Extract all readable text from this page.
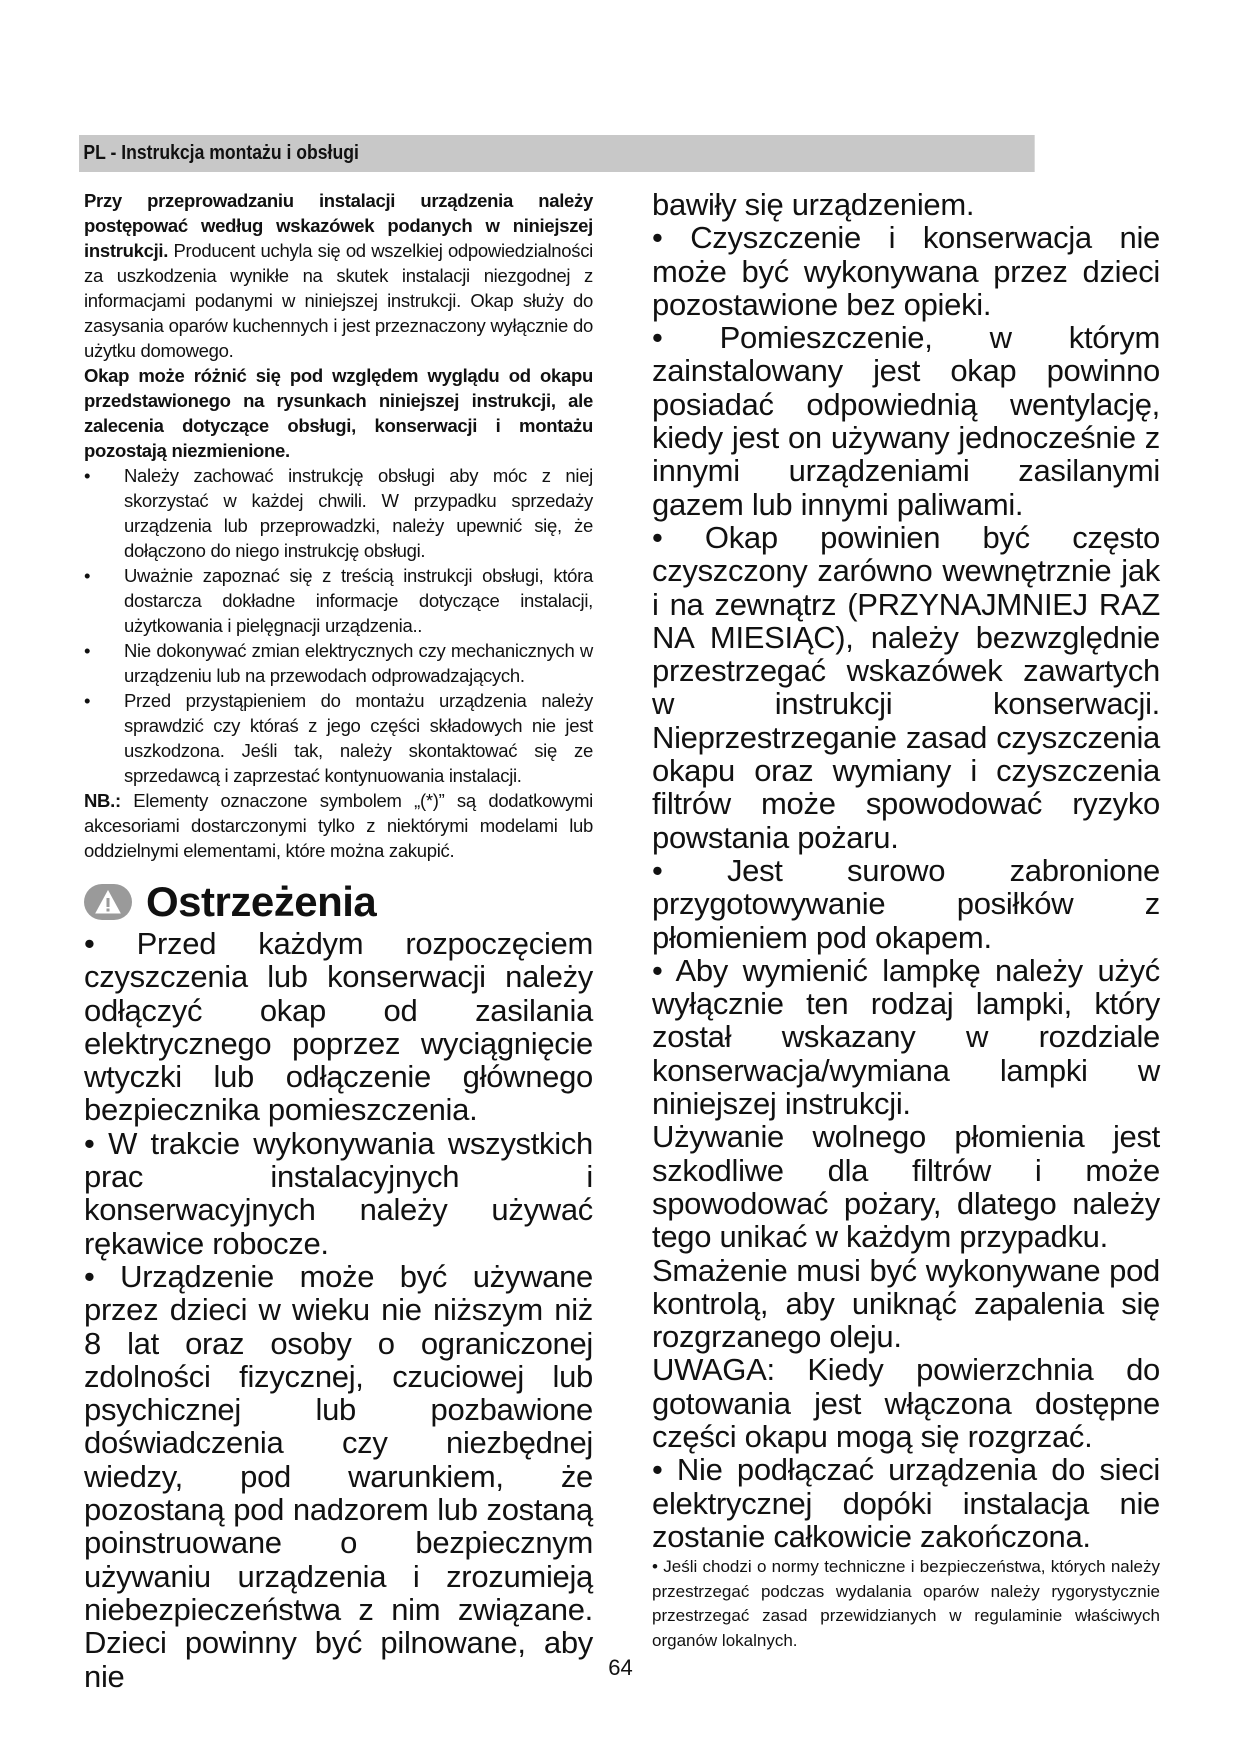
PL - Instrukcja montażu i obsługi

Przy przeprowadzaniu instalacji urządzenia należy postępować według wskazówek podanych w niniejszej instrukcji. Producent uchyla się od wszelkiej odpowiedzialności za uszkodzenia wynikłe na skutek instalacji niezgodnej z informacjami podanymi w niniejszej instrukcji. Okap służy do zasysania oparów kuchennych i jest przeznaczony wyłącznie do użytku domowego.

Okap może różnić się pod względem wyglądu od okapu przedstawionego na rysunkach niniejszej instrukcji, ale zalecenia dotyczące obsługi, konserwacji i montażu pozostają niezmienione.

• Należy zachować instrukcję obsługi aby móc z niej skorzystać w każdej chwili. W przypadku sprzedaży urządzenia lub przeprowadzki, należy upewnić się, że dołączono do niego instrukcję obsługi.
• Uważnie zapoznać się z treścią instrukcji obsługi, która dostarcza dokładne informacje dotyczące instalacji, użytkowania i pielęgnacji urządzenia..
• Nie dokonywać zmian elektrycznych czy mechanicznych w urządzeniu lub na przewodach odprowadzających.
• Przed przystąpieniem do montażu urządzenia należy sprawdzić czy któraś z jego części składowych nie jest uszkodzona. Jeśli tak, należy skontaktować się ze sprzedawcą i zaprzestać kontynuowania instalacji.

NB.: Elementy oznaczone symbolem „(*)” są dodatkowymi akcesoriami dostarczonymi tylko z niektórymi modelami lub oddzielnymi elementami, które można zakupić.

Ostrzeżenia

• Przed każdym rozpoczęciem czyszczenia lub konserwacji należy odłączyć okap od zasilania elektrycznego poprzez wyciągnięcie wtyczki lub odłączenie głównego bezpiecznika pomieszczenia.

• W trakcie wykonywania wszystkich prac instalacyjnych i konserwacyjnych należy używać rękawice robocze.

• Urządzenie może być używane przez dzieci w wieku nie niższym niż 8 lat oraz osoby o ograniczonej zdolności fizycznej, czuciowej lub psychicznej lub pozbawione doświadczenia czy niezbędnej wiedzy, pod warunkiem, że pozostaną pod nadzorem lub zostaną poinstruowane o bezpiecznym używaniu urządzenia i zrozumieją niebezpieczeństwa z nim związane. Dzieci powinny być pilnowane, aby nie

bawiły się urządzeniem.

• Czyszczenie i konserwacja nie może być wykonywana przez dzieci pozostawione bez opieki.

• Pomieszczenie, w którym zainstalowany jest okap powinno posiadać odpowiednią wentylację, kiedy jest on używany jednocześnie z innymi urządzeniami zasilanymi gazem lub innymi paliwami.

• Okap powinien być często czyszczony zarówno wewnętrznie jak i na zewnątrz (PRZYNAJMNIEJ RAZ NA MIESIĄC), należy bezwzględnie przestrzegać wskazówek zawartych w instrukcji konserwacji. Nieprzestrzeganie zasad czyszczenia okapu oraz wymiany i czyszczenia filtrów może spowodować ryzyko powstania pożaru.

• Jest surowo zabronione przygotowywanie posiłków z płomieniem pod okapem.

• Aby wymienić lampkę należy użyć wyłącznie ten rodzaj lampki, który został wskazany w rozdziale konserwacja/wymiana lampki w niniejszej instrukcji.

Używanie wolnego płomienia jest szkodliwe dla filtrów i może spowodować pożary, dlatego należy tego unikać w każdym przypadku.

Smażenie musi być wykonywane pod kontrolą, aby uniknąć zapalenia się rozgrzanego oleju.

UWAGA: Kiedy powierzchnia do gotowania jest włączona dostępne części okapu mogą się rozgrzać.

• Nie podłączać urządzenia do sieci elektrycznej dopóki instalacja nie zostanie całkowicie zakończona.

• Jeśli chodzi o normy techniczne i bezpieczeństwa, których należy przestrzegać podczas wydalania oparów należy rygorystycznie przestrzegać zasad przewidzianych w regulaminie właściwych organów lokalnych.

64
